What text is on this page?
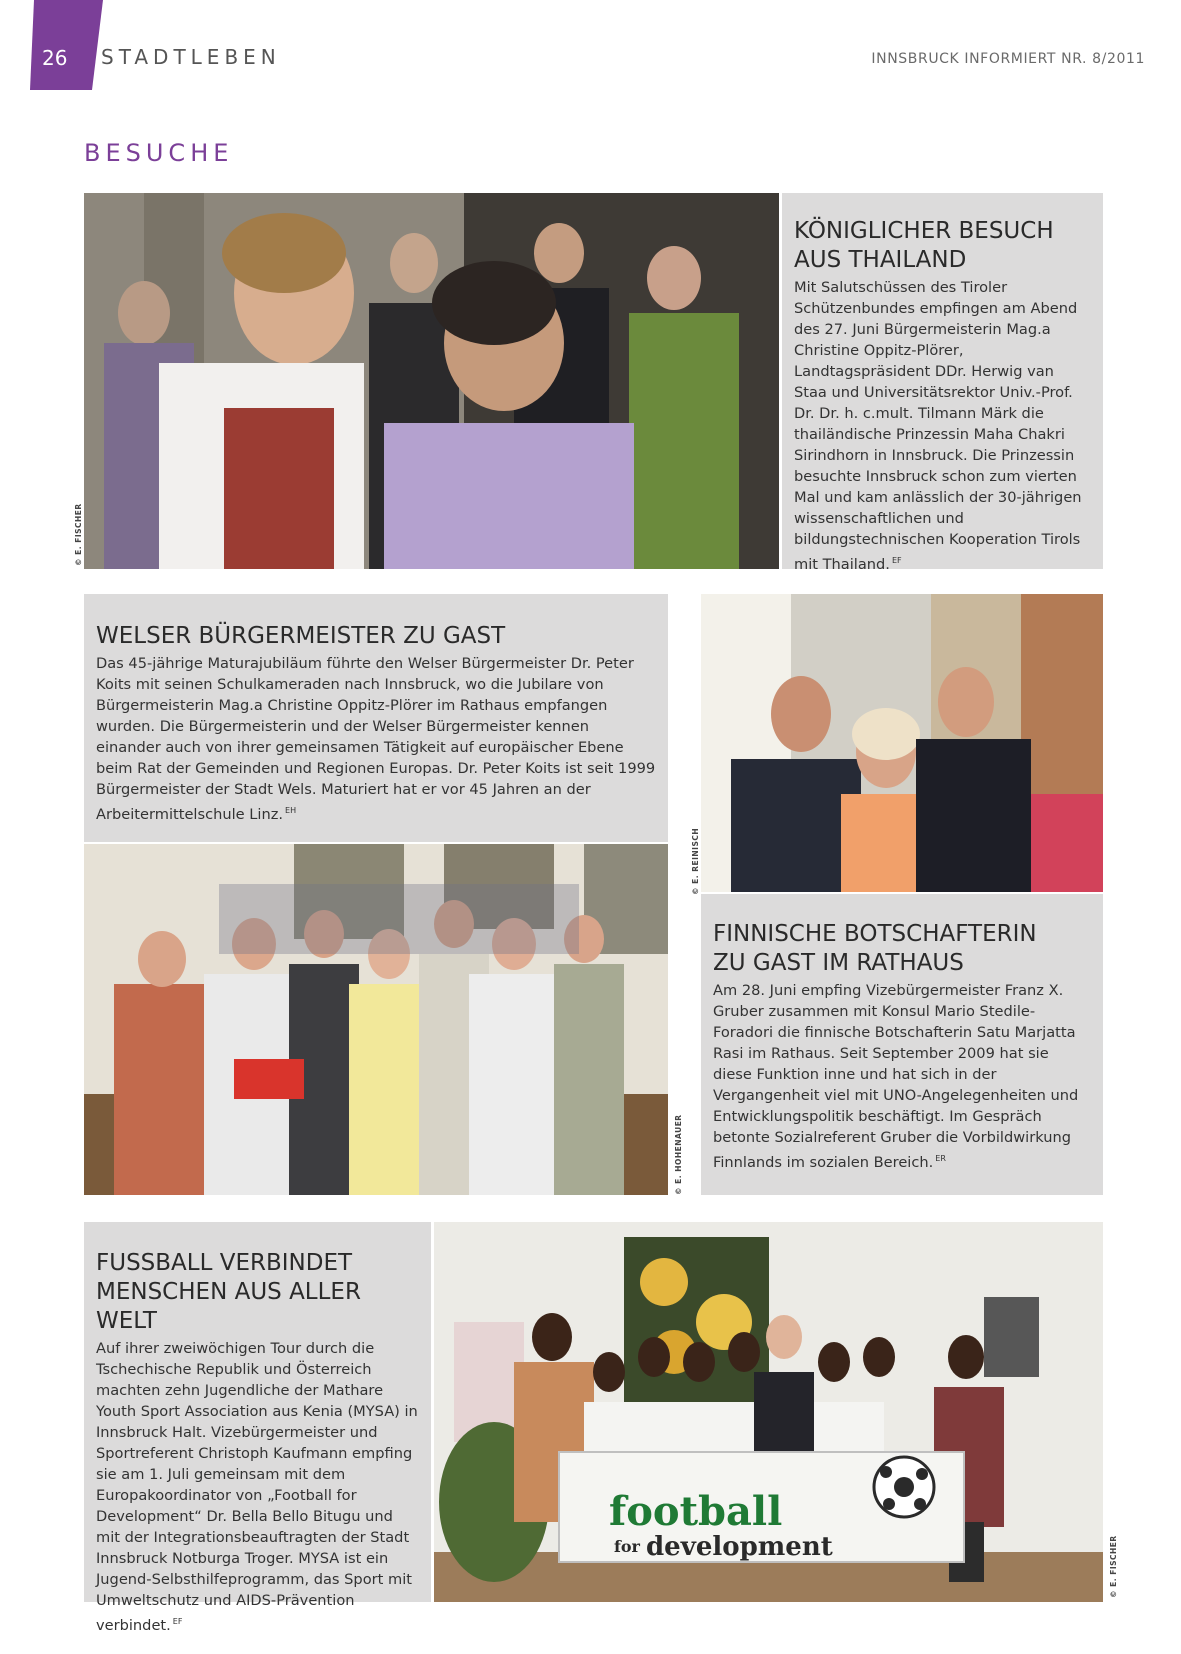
26 STADTLEBEN	INNSBRUCK INFORMIERT NR. 8/2011
BESUCHE
© E. FISCHER
KÖNIGLICHER BESUCH
AUS THAILAND

Mit Salutschüssen des Tiroler Schützenbundes empfingen am Abend des 27. Juni Bürgermeisterin Mag.a Christine Oppitz-Plörer, Landtagspräsident DDr. Herwig van Staa und Universitätsrektor Univ.-Prof. Dr. Dr. h. c.mult. Tilmann Märk die thailändische Prinzessin Maha Chakri Sirindhorn in Innsbruck. Die Prinzessin besuchte Innsbruck schon zum vierten Mal und kam anlässlich der 30-jährigen wissenschaftlichen und bildungstechnischen Kooperation Tirols mit Thailand. $^{EF}$

WELSER BÜRGERMEISTER ZU GAST

Das 45-jährige Maturajubiläum führte den Welser Bürgermeister Dr. Peter Koits mit seinen Schulkameraden nach Innsbruck, wo die Jubilare von Bürgermeisterin Mag.a Christine Oppitz-Plörer im Rathaus empfangen wurden. Die Bürgermeisterin und der Welser Bürgermeister kennen einander auch von ihrer gemeinsamen Tätigkeit auf europäischer Ebene beim Rat der Gemeinden und Regionen Europas. Dr. Peter Koits ist seit 1999 Bürgermeister der Stadt Wels. Maturiert hat er vor 45 Jahren an der Arbeitermittelschule Linz. $^{EH}$

© E. HOHENAUER
© E. REINISCH
FINNISCHE BOTSCHAFTERIN
ZU GAST IM RATHAUS

Am 28. Juni empfing Vizebürgermeister Franz X. Gruber zusammen mit Konsul Mario Stedile-Foradori die finnische Botschafterin Satu Marjatta Rasi im Rathaus. Seit September 2009 hat sie diese Funktion inne und hat sich in der Vergangenheit viel mit UNO-Angelegenheiten und Entwicklungspolitik beschäftigt. Im Gespräch betonte Sozialreferent Gruber die Vorbildwirkung Finnlands im sozialen Bereich. $^{ER}$

FUSSBALL VERBINDET
MENSCHEN AUS ALLER WELT

Auf ihrer zweiwöchigen Tour durch die Tschechische Republik und Österreich machten zehn Jugendliche der Mathare Youth Sport Association aus Kenia (MYSA) in Innsbruck Halt. Vizebürgermeister und Sportreferent Christoph Kaufmann empfing sie am 1. Juli gemeinsam mit dem Europakoordinator von „Football for Development“ Dr. Bella Bello Bitugu und mit der Integrationsbeauftragten der Stadt Innsbruck Notburga Troger. MYSA ist ein Jugend-Selbsthilfeprogramm, das Sport mit Umweltschutz und AIDS-Prävention verbindet. $^{EF}$

football
for development	© E. FISCHER
